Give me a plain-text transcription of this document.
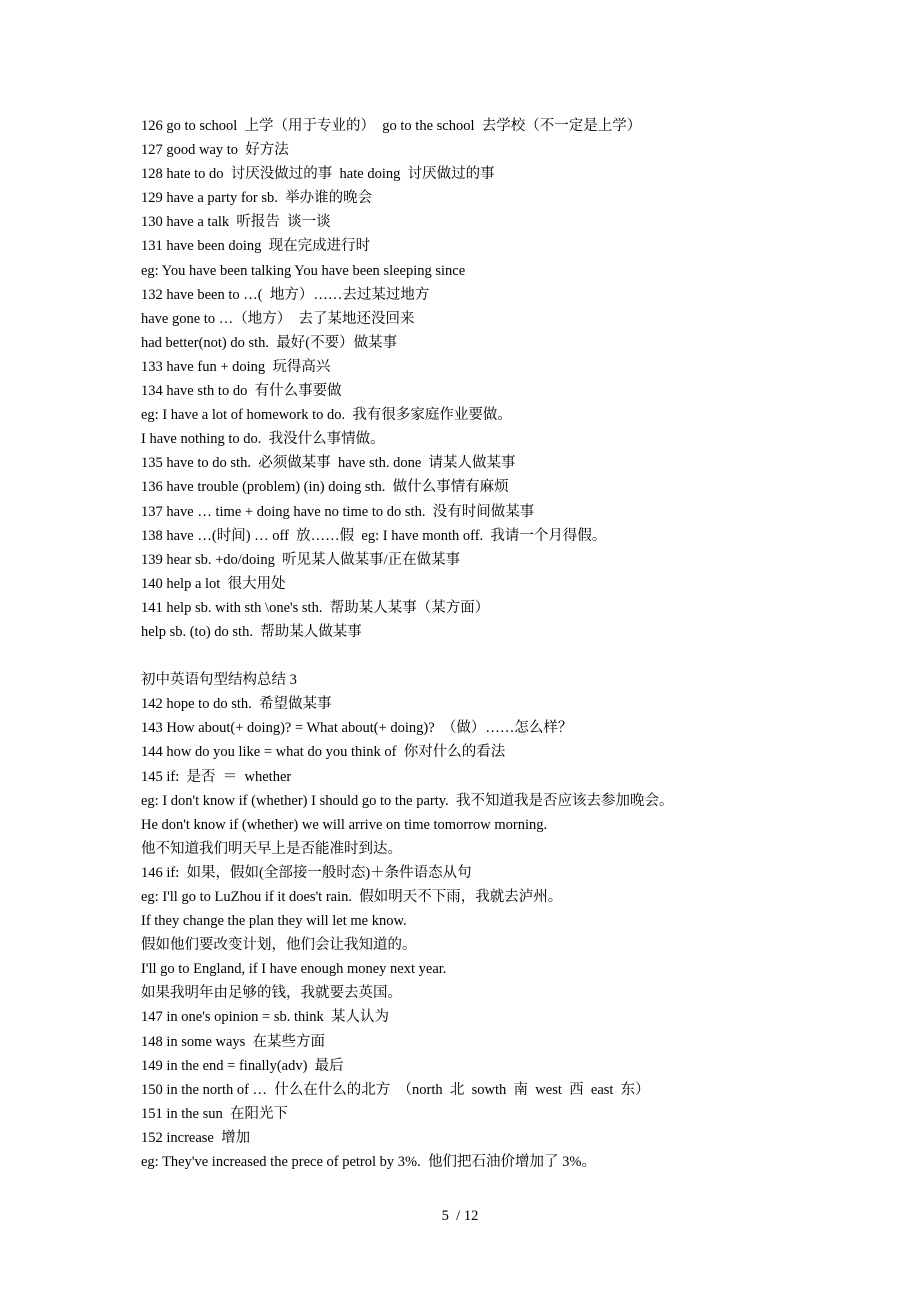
126 go to school  上学（用于专业的）  go to the school  去学校（不一定是上学）
127 good way to  好方法
128 hate to do  讨厌没做过的事  hate doing  讨厌做过的事
129 have a party for sb.  举办谁的晚会
130 have a talk  听报告  谈一谈
131 have been doing  现在完成进行时
eg: You have been talking You have been sleeping since
132 have been to …(  地方）……去过某过地方
have gone to …（地方）  去了某地还没回来
had better(not) do sth.  最好(不要）做某事
133 have fun + doing  玩得高兴
134 have sth to do  有什么事要做
eg: I have a lot of homework to do.  我有很多家庭作业要做。
I have nothing to do.  我没什么事情做。
135 have to do sth.  必须做某事  have sth. done  请某人做某事
136 have trouble (problem) (in) doing sth.  做什么事情有麻烦
137 have … time + doing have no time to do sth.  没有时间做某事
138 have …(时间) … off  放……假  eg: I have month off.  我请一个月得假。
139 hear sb. +do/doing  听见某人做某事/正在做某事
140 help a lot  很大用处
141 help sb. with sth \one's sth.  帮助某人某事（某方面）
help sb. (to) do sth.  帮助某人做某事
初中英语句型结构总结 3
142 hope to do sth.  希望做某事
143 How about(+ doing)? = What about(+ doing)?  （做）……怎么样？
144 how do you like = what do you think of  你对什么的看法
145 if:  是否  ＝  whether
eg: I don't know if (whether) I should go to the party.  我不知道我是否应该去参加晚会。
He don't know if (whether) we will arrive on time tomorrow morning.
他不知道我们明天早上是否能准时到达。
146 if:  如果，假如(全部接一般时态)＋条件语态从句
eg: I'll go to LuZhou if it does't rain.  假如明天不下雨，我就去泸州。
If they change the plan they will let me know.
假如他们要改变计划，他们会让我知道的。
I'll go to England, if I have enough money next year.
如果我明年由足够的钱，我就要去英国。
147 in one's opinion = sb. think  某人认为
148 in some ways  在某些方面
149 in the end = finally(adv)  最后
150 in the north of …  什么在什么的北方  （north  北  sowth  南  west  西  east  东）
151 in the sun  在阳光下
152 increase  增加
eg: They've increased the prece of petrol by 3%.  他们把石油价增加了 3%。
5  / 12
